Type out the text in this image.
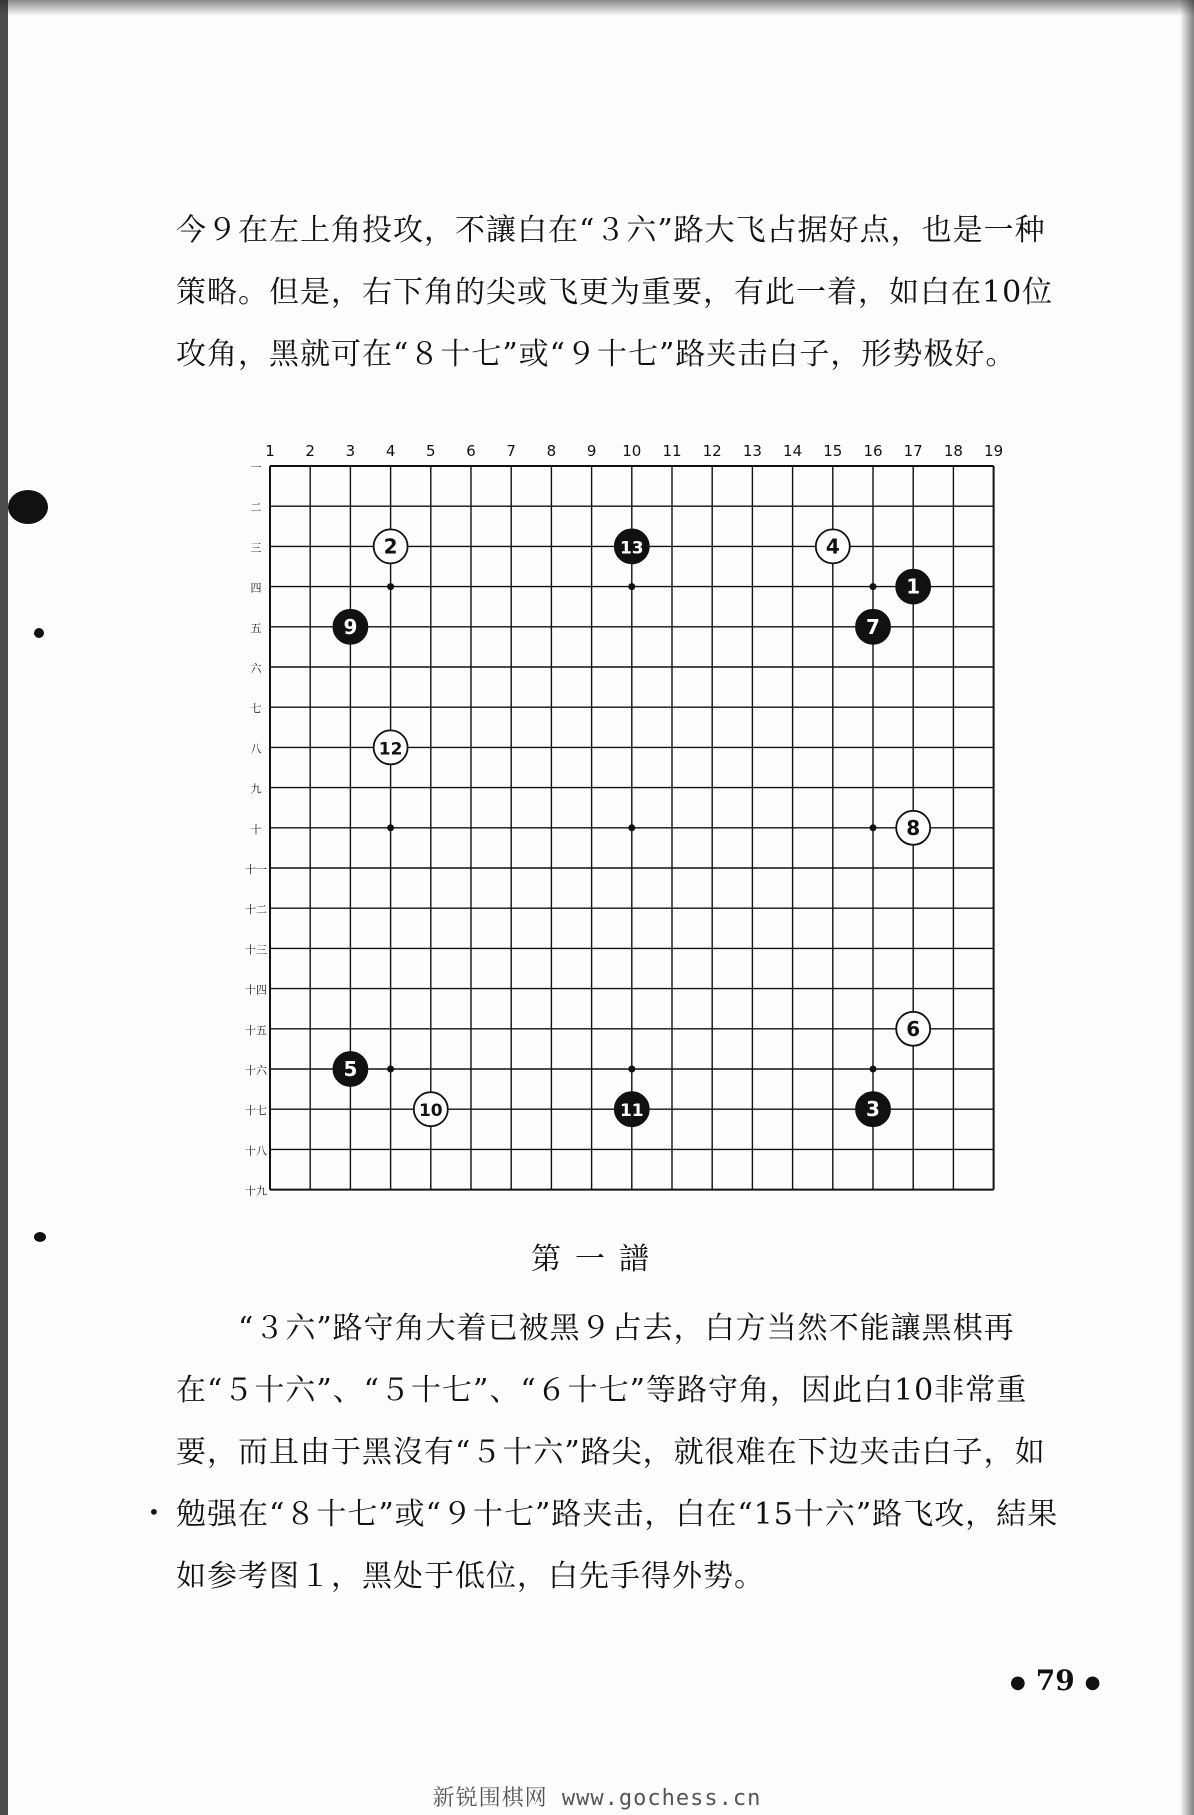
今９在左上角投攻，不讓白在“３六”路大飞占据好点，也是一种策略。但是，右下角的尖或飞更为重要，有此一着，如白在10位攻角，黑就可在“８十七”或“９十七”路夹击白子，形势极好。

1 2 3 4 5 6 7 8 9 10 11 12 13 14 15 16 17 18 19
一
二
三
四
五
六
七
八
九
十
十一
十二
十三
十四
十五
十六
十七
十八
十九
1
2
3
4
5
6
7
8
9
10	11
12
13
第一譜
•

“３六”路守角大着已被黑９占去，白方当然不能讓黑棋再在“５十六”、“５十七”、“６十七”等路守角，因此白10非常重要，而且由于黑沒有“５十六”路尖，就很难在下边夹击白子，如勉强在“８十七”或“９十七”路夹击，白在“15十六”路飞攻，結果如参考图１，黑处于低位，白先手得外势。

● 79 ●
新锐围棋网 www.gochess.cn
